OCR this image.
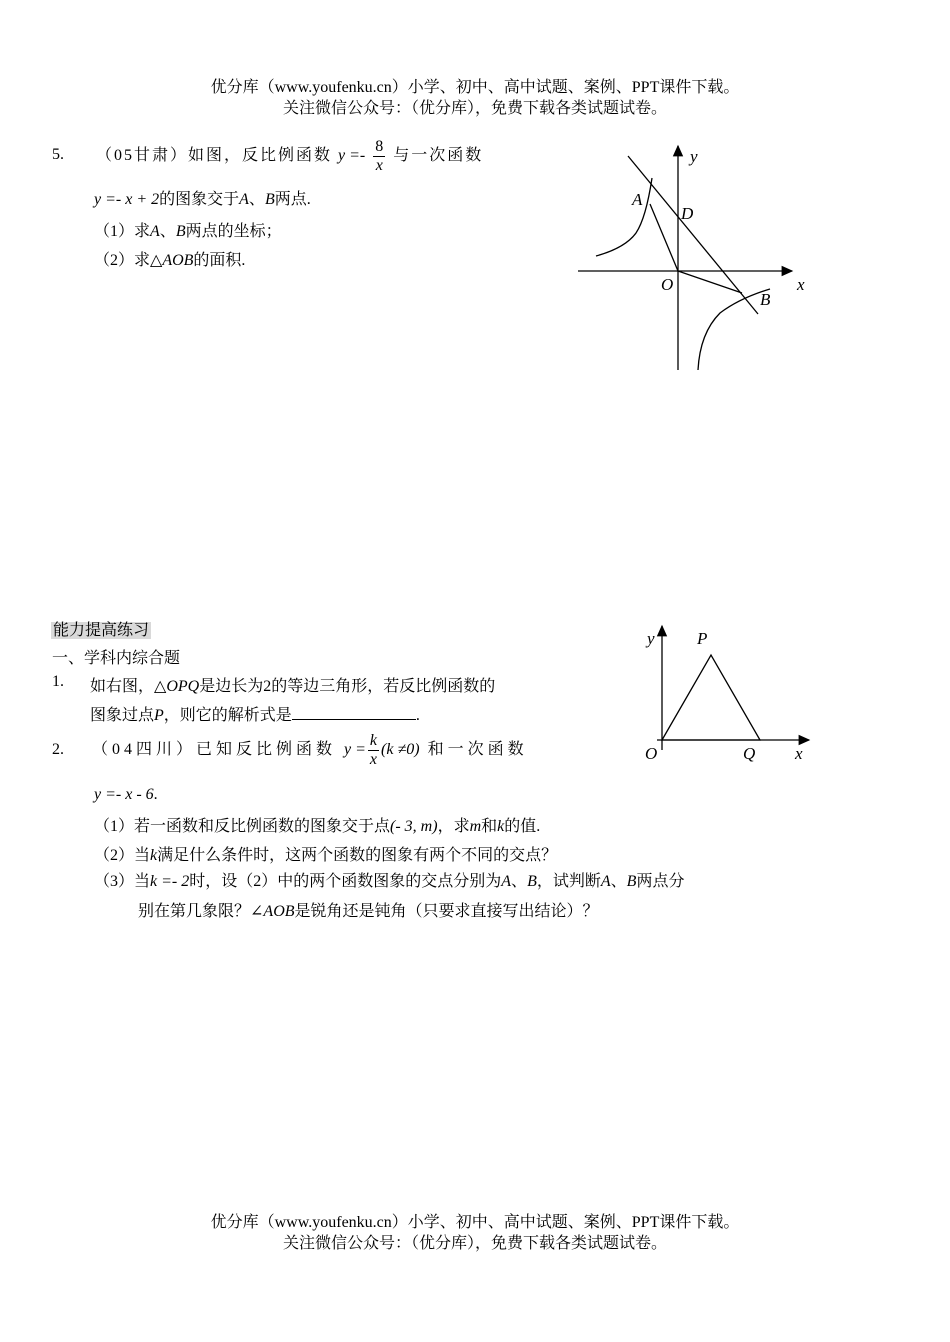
优分库（www.youfenku.cn）小学、初中、高中试题、案例、PPT课件下载。
关注微信公众号：（优分库），免费下载各类试题试卷。
5. （05甘肃）如图，反比例函数 $y =- \frac{8}{x}$ 与一次函数
y =- x + 2的图象交于A、B两点.
（1）求A、B两点的坐标；
（2）求△AOB的面积.
y
x
A
D
O
B
能力提高练习
一、学科内综合题
1. 如右图，△OPQ是边长为2的等边三角形，若反比例函数的
图象过点P，则它的解析式是	.
y P
O	Q x
2. （04四川）已知反比例函数 $y = \frac{k}{x} (k \ne 0)$ 和一次函数
y =- x - 6.
（1）若一函数和反比例函数的图象交于点(- 3, m)，求m和k的值.
（2）当k满足什么条件时，这两个函数的图象有两个不同的交点？
（3）当k =- 2时，设（2）中的两个函数图象的交点分别为A、B，试判断A、B两点分
别在第几象限？∠AOB是锐角还是钝角（只要求直接写出结论）？
优分库（www.youfenku.cn）小学、初中、高中试题、案例、PPT课件下载。
关注微信公众号：（优分库），免费下载各类试题试卷。
